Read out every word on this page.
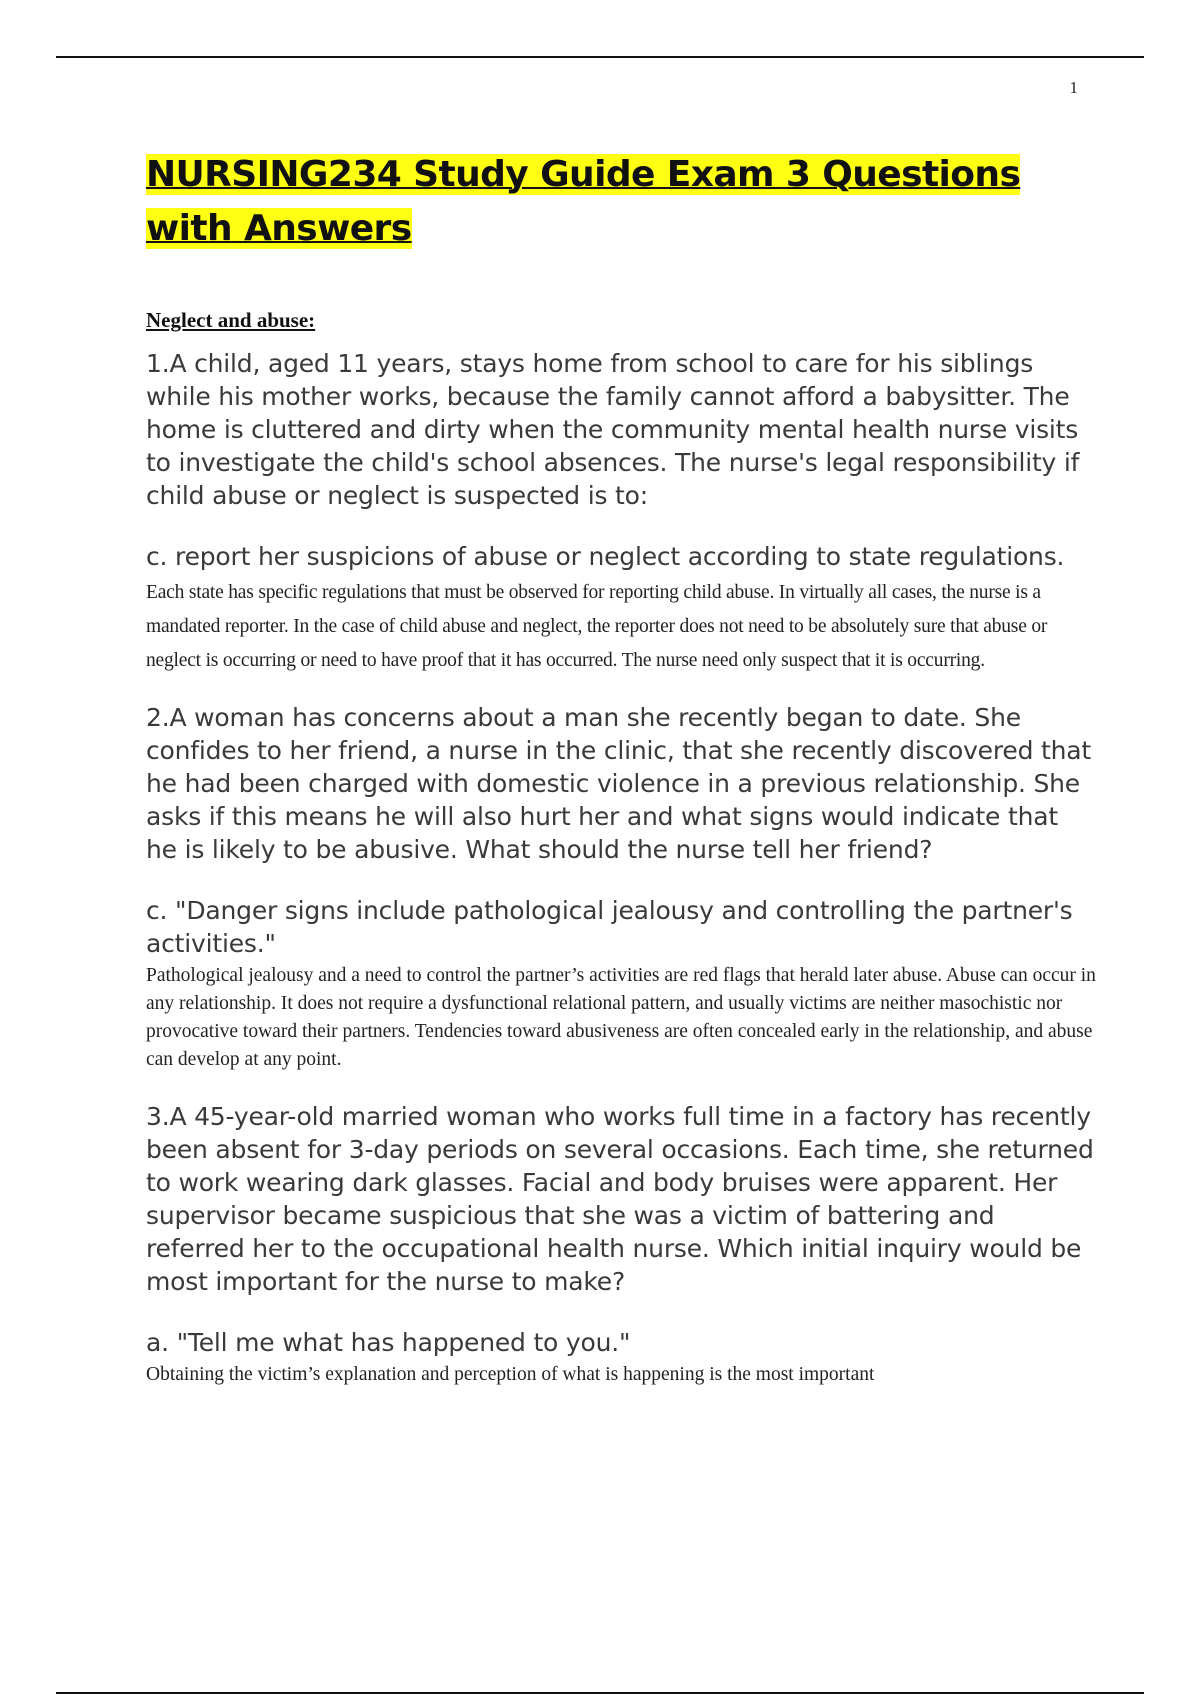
1
NURSING234 Study Guide Exam 3 Questions with Answers
Neglect and abuse:

1.A child, aged 11 years, stays home from school to care for his siblings while his mother works, because the family cannot afford a babysitter. The home is cluttered and dirty when the community mental health nurse visits to investigate the child's school absences. The nurse's legal responsibility if child abuse or neglect is suspected is to:

c. report her suspicions of abuse or neglect according to state regulations. Each state has specific regulations that must be observed for reporting child abuse. In virtually all cases, the nurse is a mandated reporter. In the case of child abuse and neglect, the reporter does not need to be absolutely sure that abuse or neglect is occurring or need to have proof that it has occurred. The nurse need only suspect that it is occurring.

2.A woman has concerns about a man she recently began to date. She confides to her friend, a nurse in the clinic, that she recently discovered that he had been charged with domestic violence in a previous relationship. She asks if this means he will also hurt her and what signs would indicate that he is likely to be abusive. What should the nurse tell her friend?

c. "Danger signs include pathological jealousy and controlling the partner's activities."

Pathological jealousy and a need to control the partner’s activities are red flags that herald later abuse. Abuse can occur in any relationship. It does not require a dysfunctional relational pattern, and usually victims are neither masochistic nor provocative toward their partners. Tendencies toward abusiveness are often concealed early in the relationship, and abuse can develop at any point.

3.A 45-year-old married woman who works full time in a factory has recently been absent for 3-day periods on several occasions. Each time, she returned to work wearing dark glasses. Facial and body bruises were apparent. Her supervisor became suspicious that she was a victim of battering and referred her to the occupational health nurse. Which initial inquiry would be most important for the nurse to make?

a. "Tell me what has happened to you."

Obtaining the victim’s explanation and perception of what is happening is the most important
